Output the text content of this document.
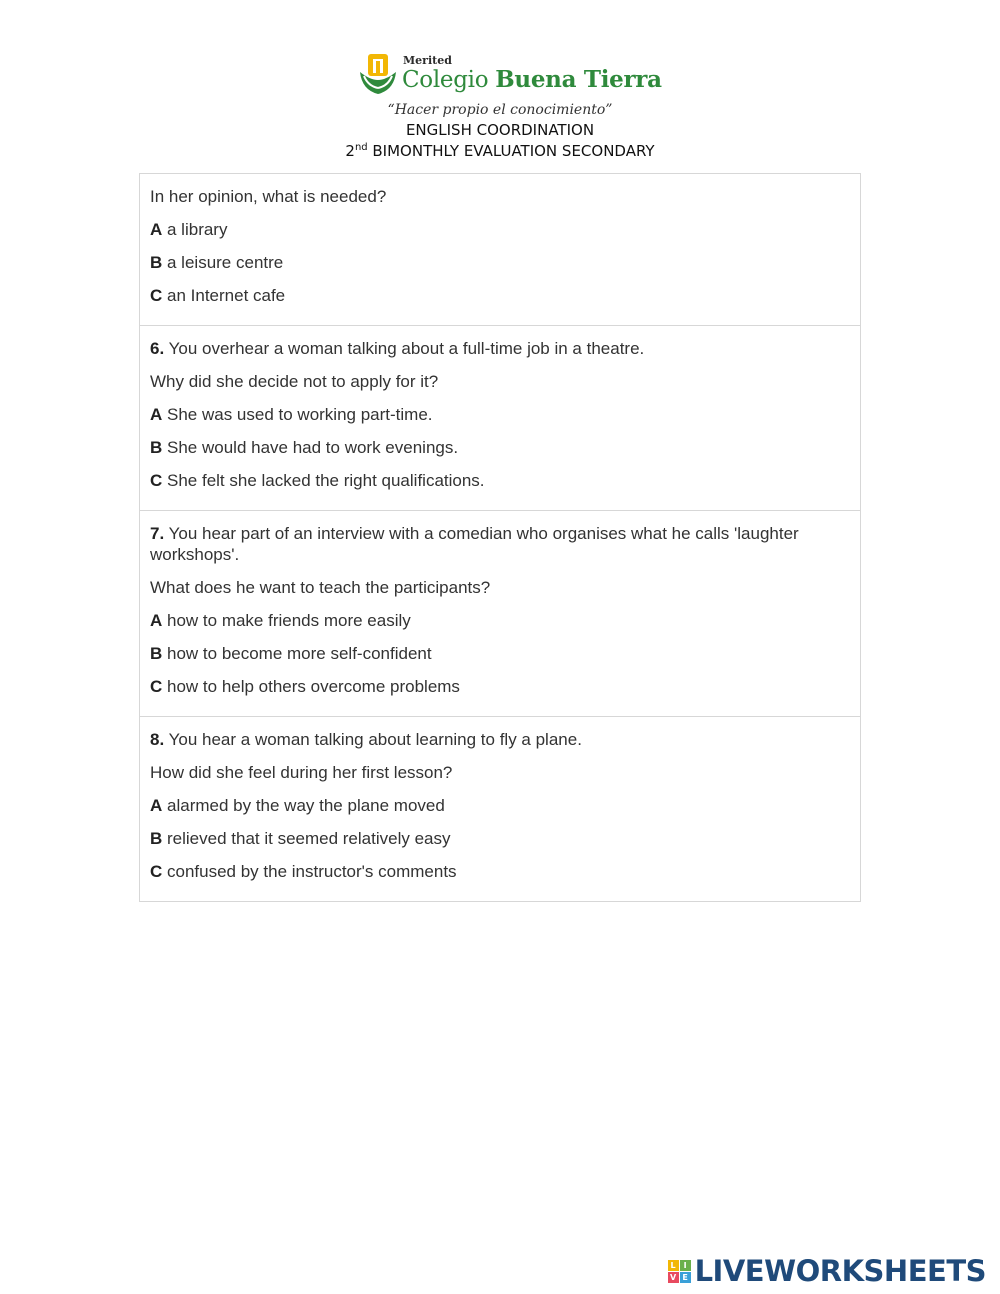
Merited
Colegio Buena Tierra
“Hacer propio el conocimiento”
ENGLISH COORDINATION
2nd BIMONTHLY EVALUATION SECONDARY

In her opinion, what is needed?

A a library

B a leisure centre

C an Internet cafe

6. You overhear a woman talking about a full-time job in a theatre.

Why did she decide not to apply for it?

A She was used to working part-time.

B She would have had to work evenings.

C She felt she lacked the right qualifications.

7. You hear part of an interview with a comedian who organises what he calls 'laughter workshops'.

What does he want to teach the participants?

A how to make friends more easily

B how to become more self-confident

C how to help others overcome problems

8. You hear a woman talking about learning to fly a plane.

How did she feel during her first lesson?

A alarmed by the way the plane moved

B relieved that it seemed relatively easy

C confused by the instructor's comments

L I
V E LIVEWORKSHEETS
